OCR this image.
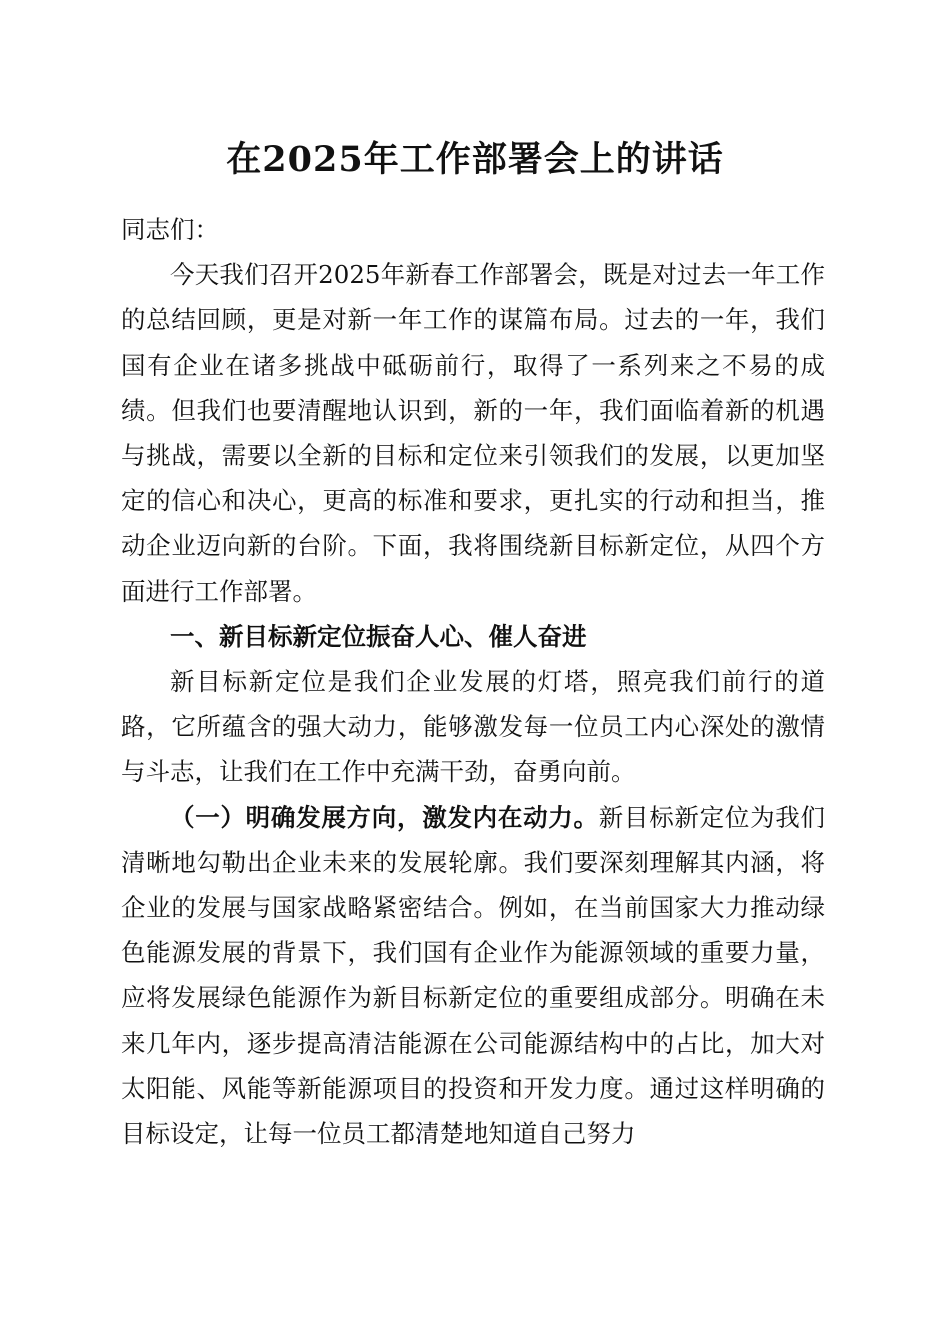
在2025年工作部署会上的讲话

同志们：

今天我们召开2025年新春工作部署会，既是对过去一年工作的总结回顾，更是对新一年工作的谋篇布局。过去的一年，我们国有企业在诸多挑战中砥砺前行，取得了一系列来之不易的成绩。但我们也要清醒地认识到，新的一年，我们面临着新的机遇与挑战，需要以全新的目标和定位来引领我们的发展，以更加坚定的信心和决心，更高的标准和要求，更扎实的行动和担当，推动企业迈向新的台阶。下面，我将围绕新目标新定位，从四个方面进行工作部署。

一、新目标新定位振奋人心、催人奋进

新目标新定位是我们企业发展的灯塔，照亮我们前行的道路，它所蕴含的强大动力，能够激发每一位员工内心深处的激情与斗志，让我们在工作中充满干劲，奋勇向前。

（一）明确发展方向，激发内在动力。新目标新定位为我们清晰地勾勒出企业未来的发展轮廓。我们要深刻理解其内涵，将企业的发展与国家战略紧密结合。例如，在当前国家大力推动绿色能源发展的背景下，我们国有企业作为能源领域的重要力量，应将发展绿色能源作为新目标新定位的重要组成部分。明确在未来几年内，逐步提高清洁能源在公司能源结构中的占比，加大对太阳能、风能等新能源项目的投资和开发力度。通过这样明确的目标设定，让每一位员工都清楚地知道自己努力
